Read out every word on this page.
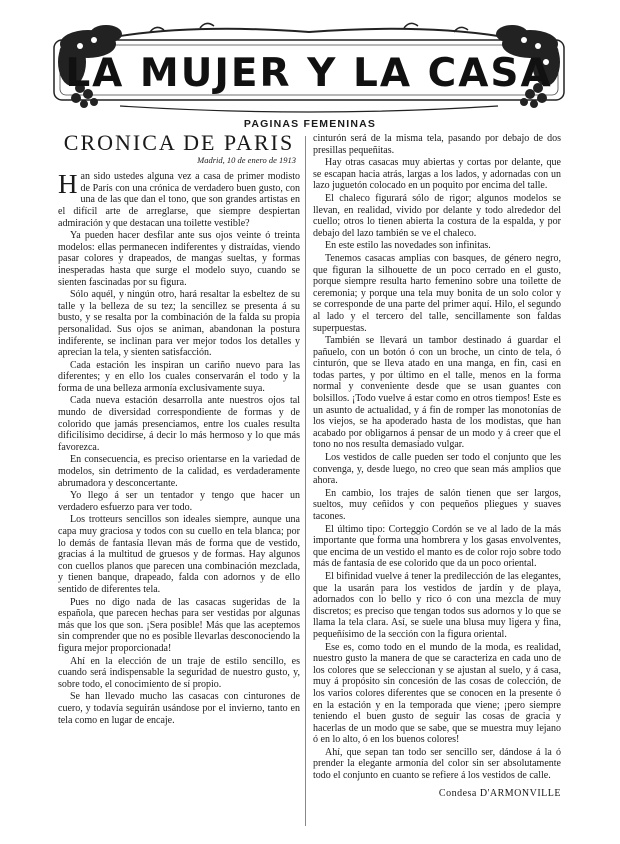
LA MUJER Y LA CASA
PAGINAS FEMENINAS
CRONICA DE PARIS
Madrid, 10 de enero de 1913

Han sido ustedes alguna vez a casa de primer modisto de París con una crónica de verdadero buen gusto, con una de las que dan el tono, que son grandes artistas en el difícil arte de arreglarse, que siempre despiertan admiración y que destacan una toilette vestible?

Ya pueden hacer desfilar ante sus ojos veinte ó treinta modelos: ellas permanecen indiferentes y distraídas, viendo pasar colores y drapeados, de mangas sueltas, y formas inesperadas hasta que surge el modelo suyo, cuando se sienten fascinadas por su figura.

Sólo aquél, y ningún otro, hará resaltar la esbeltez de su talle y la belleza de su tez; la sencillez se presenta á su busto, y se resalta por la combinación de la falda su propia personalidad. Sus ojos se animan, abandonan la postura indiferente, se inclinan para ver mejor todos los detalles y aprecian la tela, y sienten satisfacción.

Cada estación les inspiran un cariño nuevo para las diferentes; y en ello los cuales conservarán el todo y la forma de una belleza armonía exclusivamente suya.

Cada nueva estación desarrolla ante nuestros ojos tal mundo de diversidad correspondiente de formas y de colorido que jamás presenciamos, entre los cuales resulta dificilísimo decidirse, á decir lo más hermoso y lo que más favorezca.

En consecuencia, es preciso orientarse en la variedad de modelos, sin detrimento de la calidad, es verdaderamente abrumadora y desconcertante.

Yo llego á ser un tentador y tengo que hacer un verdadero esfuerzo para ver todo.

Los trotteurs sencillos son ideales siempre, aunque una capa muy graciosa y todos con su cuello en tela blanca; por lo demás de fantasía llevan más de forma que de vestido, gracias á la multitud de gruesos y de formas. Hay algunos con cuellos planos que parecen una combinación mezclada, y tienen banque, drapeado, falda con adornos y de ello sentido de diferentes tela.

Pues no digo nada de las casacas sugeridas de la española, que parecen hechas para ser vestidas por algunas más que los que son. ¡Sera posible! Más que las aceptemos sin comprender que no es posible llevarlas desconociendo la figura mejor proporcionada!

Ahí en la elección de un traje de estilo sencillo, es cuando será indispensable la seguridad de nuestro gusto, y, sobre todo, el conocimiento de sí propio.

Se han llevado mucho las casacas con cinturones de cuero, y todavía seguirán usándose por el invierno, tanto en tela como en lugar de encaje.

cinturón será de la misma tela, pasando por debajo de dos presillas pequeñitas.

Hay otras casacas muy abiertas y cortas por delante, que se escapan hacia atrás, largas a los lados, y adornadas con un lazo juguetón colocado en un poquito por encima del talle.

El chaleco figurará sólo de rigor; algunos modelos se llevan, en realidad, vivido por delante y todo alrededor del cuello; otros lo tienen abierta la costura de la espalda, y por debajo del lazo también se ve el chaleco.

En este estilo las novedades son infinitas.

Tenemos casacas amplias con basques, de género negro, que figuran la silhouette de un poco cerrado en el gusto, porque siempre resulta harto femenino sobre una toilette de ceremonia; y porque una tela muy bonita de un solo color y se corresponde de una parte del primer aquí. Hilo, el segundo al lado y el tercero del talle, sencillamente son faldas superpuestas.

También se llevará un tambor destinado á guardar el pañuelo, con un botón ó con un broche, un cinto de tela, ó cinturón, que se lleva atado en una manga, en fin, casi en todas partes, y por último en el talle, menos en la forma normal y conveniente desde que se usan guantes con bolsillos. ¡Todo vuelve á estar como en otros tiempos! Este es un asunto de actualidad, y á fin de romper las monotonías de los viejos, se ha apoderado hasta de los modistas, que han acabado por obligarnos á pensar de un modo y á creer que el tono no nos resulta demasiado vulgar.

Los vestidos de calle pueden ser todo el conjunto que les convenga, y, desde luego, no creo que sean más amplios que ahora.

En cambio, los trajes de salón tienen que ser largos, sueltos, muy ceñidos y con pequeños pliegues y suaves tacones.

El último tipo: Corteggio Cordón se ve al lado de la más importante que forma una hombrera y los gasas envolventes, que encima de un vestido el manto es de color rojo sobre todo más de fantasía de ese colorido que da un poco oriental.

El bifinidad vuelve á tener la predilección de las elegantes, que la usarán para los vestidos de jardín y de playa, adornados con lo bello y rico ó con una mezcla de muy discretos; es preciso que tengan todos sus adornos y lo que se llama la tela clara. Así, se suele una blusa muy ligera y fina, pequeñísimo de la sección con la figura oriental.

Ese es, como todo en el mundo de la moda, es realidad, nuestro gusto la manera de que se caracteriza en cada uno de los colores que se seleccionan y se ajustan al suelo, y á casa, muy á propósito sin concesión de las cosas de colección, de los varios colores diferentes que se conocen en la presente ó en la estación y en la temporada que viene; ¡pero siempre teniendo el buen gusto de seguir las cosas de gracia y hacerlas de un modo que se sabe, que se muestra muy lejano ó en lo alto, ó en los buenos colores!

Ahí, que sepan tan todo ser sencillo ser, dándose á la ó prender la elegante armonía del color sin ser absolutamente todo el conjunto en cuanto se refiere á los vestidos de calle.

Condesa D'ARMONVILLE
